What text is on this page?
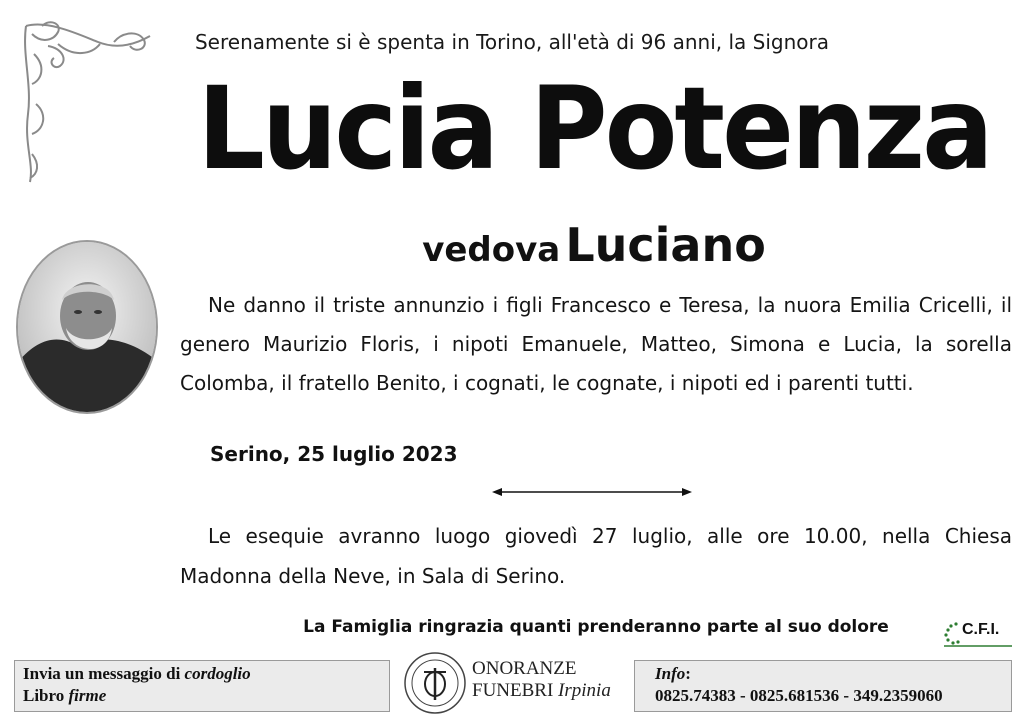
Serenamente si è spenta in Torino, all'età di 96 anni, la Signora
Lucia Potenza
vedova Luciano
Ne danno il triste annunzio i figli Francesco e Teresa, la nuora Emilia Cricelli, il genero Maurizio Floris, i nipoti Emanuele, Matteo, Simona e Lucia, la sorella Colomba, il fratello Benito, i cognati, le cognate, i nipoti ed i parenti tutti.
Serino, 25 luglio 2023
Le esequie avranno luogo giovedì 27 luglio, alle ore 10.00, nella Chiesa Madonna della Neve, in Sala di Serino.
La Famiglia ringrazia quanti prenderanno parte al suo dolore	C.F.I.
Invia un messaggio di cordoglio
Libro firme
ONORANZE
FUNEBRI Irpinia
Info:
0825.74383 - 0825.681536 - 349.2359060
